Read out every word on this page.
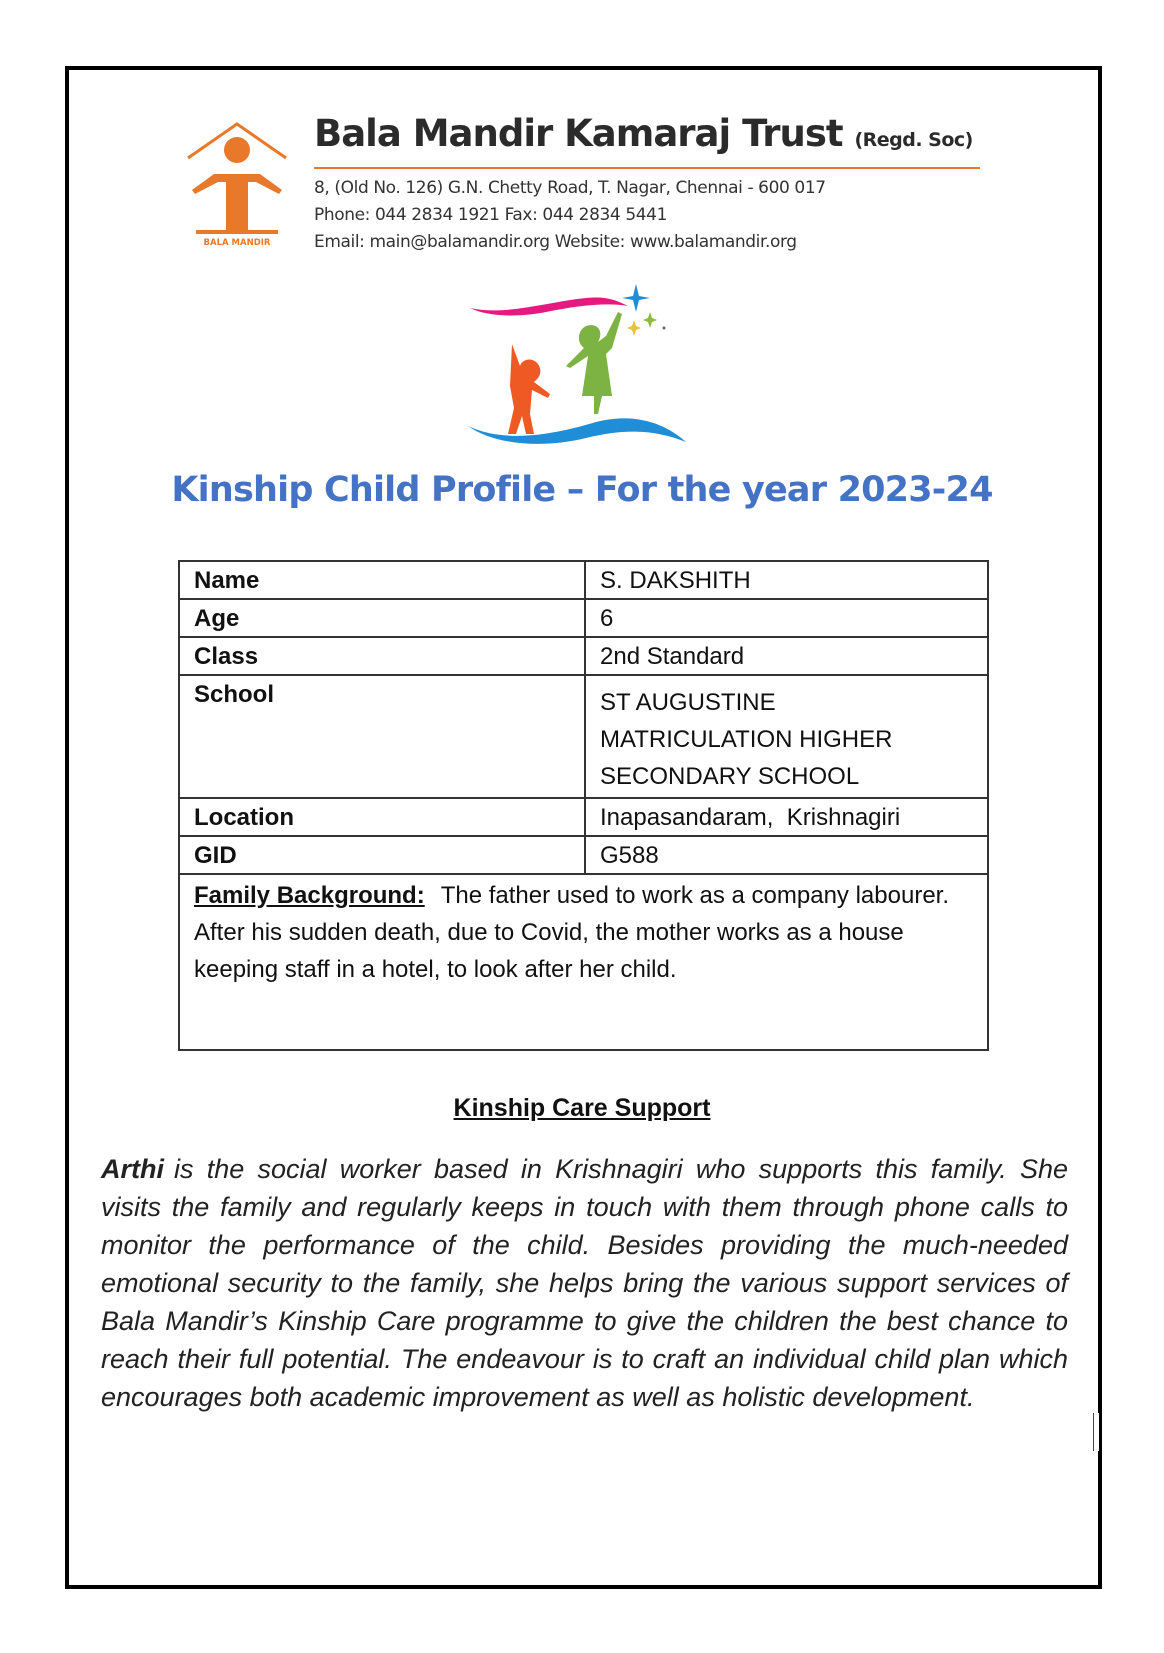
BALA MANDIR
Bala Mandir Kamaraj Trust (Regd. Soc)
8, (Old No. 126) G.N. Chetty Road, T. Nagar, Chennai - 600 017
Phone: 044 2834 1921 Fax: 044 2834 5441
Email: main@balamandir.org Website: www.balamandir.org
Kinship Child Profile – For the year 2023-24
Name	S. DAKSHITH
Age	6
Class	2nd Standard
School	ST AUGUSTINE MATRICULATION HIGHER SECONDARY SCHOOL
Location	Inapasandaram,  Krishnagiri
GID	G588
Family Background: The father used to work as a company labourer. After his sudden death, due to Covid, the mother works as a house keeping staff in a hotel, to look after her child.	
Kinship Care Support
Arthi is the social worker based in Krishnagiri who supports this family. She visits the family and regularly keeps in touch with them through phone calls to monitor the performance of the child. Besides providing the much-needed emotional security to the family, she helps bring the various support services of Bala Mandir’s Kinship Care programme to give the children the best chance to reach their full potential. The endeavour is to craft an individual child plan which encourages both academic improvement as well as holistic development.
